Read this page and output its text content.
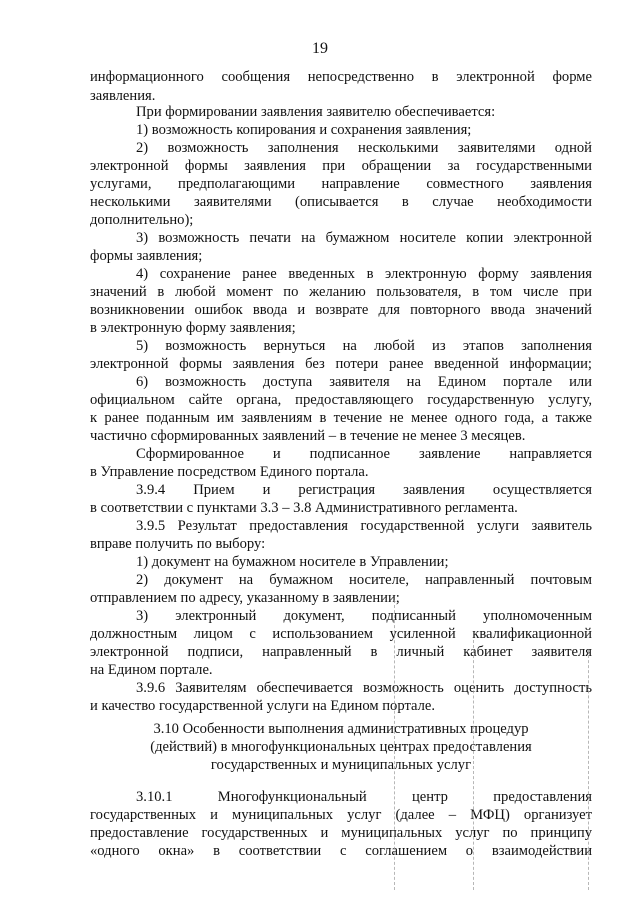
19

информационного сообщения непосредственно в электронной форме

заявления.

При формировании заявления заявителю обеспечивается:

1) возможность копирования и сохранения заявления;

2) возможность заполнения несколькими заявителями одной

электронной формы заявления при обращении за государственными

услугами, предполагающими направление совместного заявления

несколькими заявителями (описывается в случае необходимости

дополнительно);

3) возможность печати на бумажном носителе копии электронной

формы заявления;

4) сохранение ранее введенных в электронную форму заявления

значений в любой момент по желанию пользователя, в том числе при

возникновении ошибок ввода и возврате для повторного ввода значений

в электронную форму заявления;

5) возможность вернуться на любой из этапов заполнения

электронной формы заявления без потери ранее введенной информации;

6) возможность доступа заявителя на Едином портале или

официальном сайте органа, предоставляющего государственную услугу,

к ранее поданным им заявлениям в течение не менее одного года, а также

частично сформированных заявлений – в течение не менее 3 месяцев.

Сформированное и подписанное заявление направляется

в Управление посредством Единого портала.

3.9.4 Прием и регистрация заявления осуществляется

в соответствии с пунктами 3.3 – 3.8 Административного регламента.

3.9.5 Результат предоставления государственной услуги заявитель

вправе получить по выбору:

1) документ на бумажном носителе в Управлении;

2) документ на бумажном носителе, направленный почтовым

отправлением по адресу, указанному в заявлении;

3) электронный документ, подписанный уполномоченным

должностным лицом с использованием усиленной квалификационной

электронной подписи, направленный в личный кабинет заявителя

на Едином портале.

3.9.6 Заявителям обеспечивается возможность оценить доступность

и качество государственной услуги на Едином портале.

3.10 Особенности выполнения административных процедур

(действий) в многофункциональных центрах предоставления

государственных и муниципальных услуг

3.10.1 Многофункциональный центр предоставления

государственных и муниципальных услуг (далее – МФЦ) организует

предоставление государственных и муниципальных услуг по принципу

«одного окна» в соответствии с соглашением о взаимодействии
